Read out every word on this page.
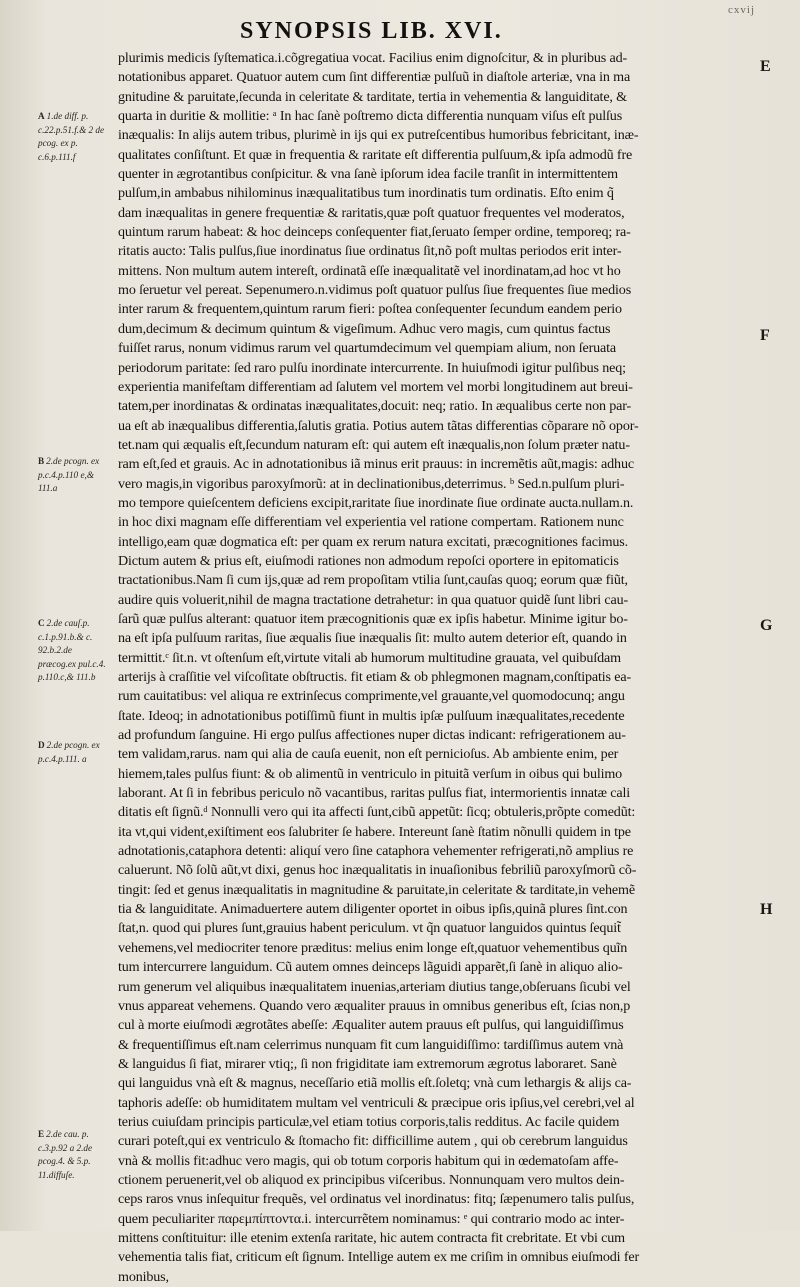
cxvij
SYNOPSIS LIB. XVI.
A 1.de diff. p. c.22.p.51.f.& 2 de pcog. ex p. c.6.p.111.f
B 2.de pcogn. ex p.c.4.p.110 e,& 111.a
C 2.de cauſ.p. c.1.p.91.b.& c. 92.b.2.de præcog.ex pul.c.4. p.110.c,& 111.b
D 2.de pcogn. ex p.c.4.p.111. a
E 2.de cau. p. c.3.p.92 a 2.de pcog.4. & 5.p. 11.diffuſe.
E
F
G
H
plurimis medicis ſyſtematica.i.cõgregatiua vocat. Facilius enim dignoſcitur, & in pluribus ad-
notationibus apparet. Quatuor autem cum ſint differentiæ pulſuũ in diaſtole arteriæ, vna in ma
gnitudine & paruitate,ſecunda in celeritate & tarditate, tertia in vehementia & languiditate, &
quarta in duritie & mollitie: ᵃ In hac ſanè poſtremo dicta differentia nunquam viſus eſt pulſus
inæqualis: In alijs autem tribus, plurimè in ijs qui ex putreſcentibus humoribus febricitant, inæ-
qualitates conſiſtunt. Et quæ in frequentia & raritate eſt differentia pulſuum,& ipſa admodũ fre
quenter in ægrotantibus conſpicitur. & vna ſanè ipſorum idea facile tranſit in intermittentem
pulſum,in ambabus nihilominus inæqualitatibus tum inordinatis tum ordinatis. Eſto enim q̃
dam inæqualitas in genere frequentiæ & raritatis,quæ poſt quatuor frequentes vel moderatos,
quintum rarum habeat: & hoc deinceps conſequenter fiat,ſeruato ſemper ordine, temporeq; ra-
ritatis aucto: Talis pulſus,ſiue inordinatus ſiue ordinatus ſit,nõ poſt multas periodos erit inter-
mittens. Non multum autem intereſt, ordinatã eſſe inæqualitatẽ vel inordinatam,ad hoc vt ho
mo ſeruetur vel pereat. Sepenumero.n.vidimus poſt quatuor pulſus ſiue frequentes ſiue medios
inter rarum & frequentem,quintum rarum fieri: poſtea conſequenter ſecundum eandem perio
dum,decimum & decimum quintum & vigeſimum. Adhuc vero magis, cum quintus factus
fuiſſet rarus, nonum vidimus rarum vel quartumdecimum vel quempiam alium, non ſeruata
periodorum paritate: ſed raro pulſu inordinate intercurrente. In huiuſmodi igitur pulſibus neq;
experientia manifeſtam differentiam ad ſalutem vel mortem vel morbi longitudinem aut breui-
tatem,per inordinatas & ordinatas inæqualitates,docuit: neq; ratio. In æqualibus certe non par-
ua eſt ab inæqualibus differentia,ſalutis gratia. Potius autem tãtas differentias cõparare nõ opor-
tet.nam qui æqualis eſt,ſecundum naturam eſt: qui autem eſt inæqualis,non ſolum præter natu-
ram eſt,ſed et grauis. Ac in adnotationibus iã minus erit prauus: in incremẽtis aũt,magis: adhuc
vero magis,in vigoribus paroxyſmorũ: at in declinationibus,deterrimus. ᵇ Sed.n.pulſum pluri-
mo tempore quieſcentem deficiens excipit,raritate ſiue inordinate ſiue ordinate aucta.nullam.n.
in hoc dixi magnam eſſe differentiam vel experientia vel ratione compertam. Rationem nunc
intelligo,eam quæ dogmatica eſt: per quam ex rerum natura excitati, præcognitiones facimus.
Dictum autem & prius eſt, eiuſmodi rationes non admodum repoſci oportere in epitomaticis
tractationibus.Nam ſi cum ijs,quæ ad rem propoſitam vtilia ſunt,cauſas quoq; eorum quæ fiũt,
audire quis voluerit,nihil de magna tractatione detrahetur: in qua quatuor quidẽ ſunt libri cau-
ſarũ quæ pulſus alterant: quatuor item præcognitionis quæ ex ipſis habetur. Minime igitur bo-
na eſt ipſa pulſuum raritas, ſiue æqualis ſiue inæqualis ſit: multo autem deterior eſt, quando in
termittit.ᶜ ſit.n. vt oſtenſum eſt,virtute vitali ab humorum multitudine grauata, vel quibuſdam
arterijs à craſſitie vel viſcoſitate obſtructis. fit etiam & ob phlegmonen magnam,conſtipatis ea-
rum cauitatibus: vel aliqua re extrinſecus comprimente,vel grauante,vel quomodocunq; angu
ſtate. Ideoq; in adnotationibus potiſſimũ fiunt in multis ipſæ pulſuum inæqualitates,recedente
ad profundum ſanguine. Hi ergo pulſus affectiones nuper dictas indicant: refrigerationem au-
tem validam,rarus. nam qui alia de cauſa euenit, non eſt pernicioſus. Ab ambiente enim, per
hiemem,tales pulſus fiunt: & ob alimentũ in ventriculo in pituitã verſum in oibus qui bulimo
laborant. At ſi in febribus periculo nõ vacantibus, raritas pulſus fiat, intermorientis innatæ cali
ditatis eſt ſignũ.ᵈ Nonnulli vero qui ita affecti ſunt,cibũ appetũt: ſicq; obtuleris,prõpte comedũt:
ita vt,qui vident,exiſtiment eos ſalubriter ſe habere. Intereunt ſanè ſtatim nõnulli quidem in tpe
adnotationis,cataphora detenti: aliquí vero ſine cataphora vehementer refrigerati,nõ amplius re
caluerunt. Nõ ſolũ aũt,vt dixi, genus hoc inæqualitatis in inuaſionibus febriliũ paroxyſmorũ cõ-
tingit: ſed et genus inæqualitatis in magnitudine & paruitate,in celeritate & tarditate,in vehemẽ
tia & languiditate. Animaduertere autem diligenter oportet in oibus ipſis,quinã plures ſint.con
ſtat,n. quod qui plures ſunt,grauius habent periculum. vt q̃n quatuor languidos quintus ſequit̃
vehemens,vel mediocriter tenore præditus: melius enim longe eſt,quatuor vehementibus quĩn
tum intercurrere languidum. Cũ autem omnes deinceps lãguidi apparẽt,ſi ſanè in aliquo alio-
rum generum vel aliquibus inæqualitatem inuenias,arteriam diutius tange,obſeruans ſicubi vel
vnus appareat vehemens. Quando vero æqualiter prauus in omnibus generibus eſt, ſcias non,p
cul à morte eiuſmodi ægrotãtes abeſſe: Æqualiter autem prauus eſt pulſus, qui languidiſſimus
& frequentiſſimus eſt.nam celerrimus nunquam fit cum languidiſſimo: tardiſſimus autem vnà
& languidus ſi fiat, mirarer vtiq;, ſi non frigiditate iam extremorum ægrotus laboraret. Sanè
qui languidus vnà eſt & magnus, neceſſario etiã mollis eſt.ſoletq; vnà cum lethargis & alijs ca-
taphoris adeſſe: ob humiditatem multam vel ventriculi & præcipue oris ipſius,vel cerebri,vel al
terius cuiuſdam principis particulæ,vel etiam totius corporis,talis redditus. Ac facile quidem
curari poteſt,qui ex ventriculo & ſtomacho fit: difficillime autem , qui ob cerebrum languidus
vnà & mollis fit:adhuc vero magis, qui ob totum corporis habitum qui in œdematoſam affe-
ctionem peruenerit,vel ob aliquod ex principibus viſceribus. Nonnunquam vero multos dein-
ceps raros vnus inſequitur frequẽs, vel ordinatus vel inordinatus: fitq; ſæpenumero talis pulſus,
quem peculiariter παρεμπίπτοντα.i. intercurrẽtem nominamus: ᵉ qui contrario modo ac inter-
mittens conſtituitur: ille etenim extenſa raritate, hic autem contracta fit crebritate. Et vbi cum
vehementia talis fiat, criticum eſt ſignum. Intellige autem ex me criſim in omnibus eiuſmodi fer
monibus,
